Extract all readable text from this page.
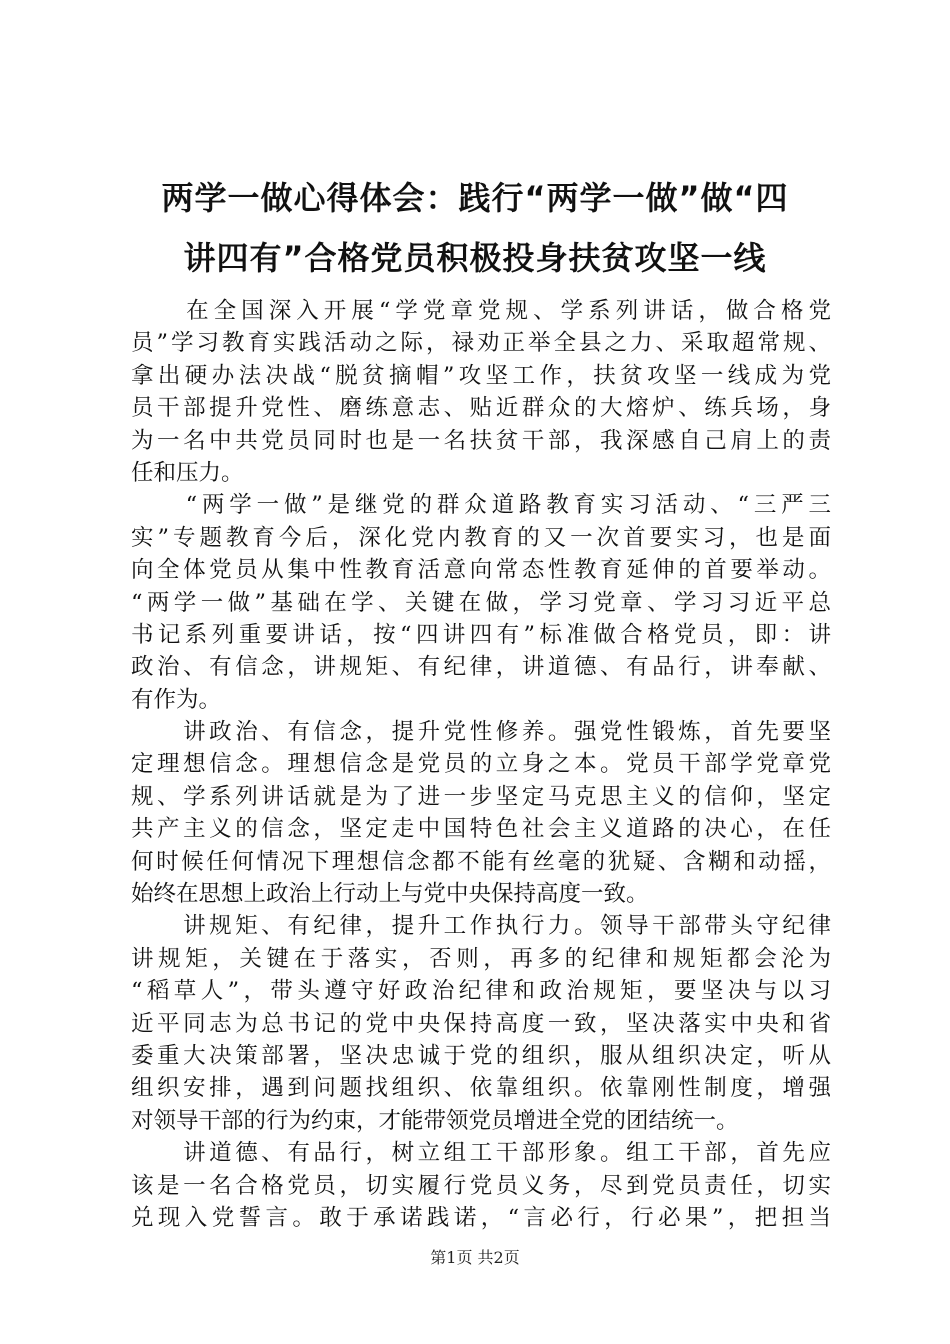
两学一做心得体会：践行“两学一做”做“四
讲四有”合格党员积极投身扶贫攻坚一线
　　在全国深入开展“学党章党规、学系列讲话，做合格党
员”学习教育实践活动之际，禄劝正举全县之力、采取超常规、
拿出硬办法决战“脱贫摘帽”攻坚工作，扶贫攻坚一线成为党
员干部提升党性、磨练意志、贴近群众的大熔炉、练兵场，身
为一名中共党员同时也是一名扶贫干部，我深感自己肩上的责
任和压力。
　　“两学一做”是继党的群众道路教育实习活动、“三严三
实”专题教育今后，深化党内教育的又一次首要实习，也是面
向全体党员从集中性教育活意向常态性教育延伸的首要举动。
“两学一做”基础在学、关键在做，学习党章、学习习近平总
书记系列重要讲话，按“四讲四有”标准做合格党员，即：讲
政治、有信念，讲规矩、有纪律，讲道德、有品行，讲奉献、
有作为。
　　讲政治、有信念，提升党性修养。强党性锻炼，首先要坚
定理想信念。理想信念是党员的立身之本。党员干部学党章党
规、学系列讲话就是为了进一步坚定马克思主义的信仰，坚定
共产主义的信念，坚定走中国特色社会主义道路的决心，在任
何时候任何情况下理想信念都不能有丝毫的犹疑、含糊和动摇，
始终在思想上政治上行动上与党中央保持高度一致。
　　讲规矩、有纪律，提升工作执行力。领导干部带头守纪律
讲规矩，关键在于落实，否则，再多的纪律和规矩都会沦为
“稻草人”，带头遵守好政治纪律和政治规矩，要坚决与以习
近平同志为总书记的党中央保持高度一致，坚决落实中央和省
委重大决策部署，坚决忠诚于党的组织，服从组织决定，听从
组织安排，遇到问题找组织、依靠组织。依靠刚性制度，增强
对领导干部的行为约束，才能带领党员增进全党的团结统一。
　　讲道德、有品行，树立组工干部形象。组工干部，首先应
该是一名合格党员，切实履行党员义务，尽到党员责任，切实
兑现入党誓言。敢于承诺践诺，“言必行，行必果”，把担当
第1页 共2页
